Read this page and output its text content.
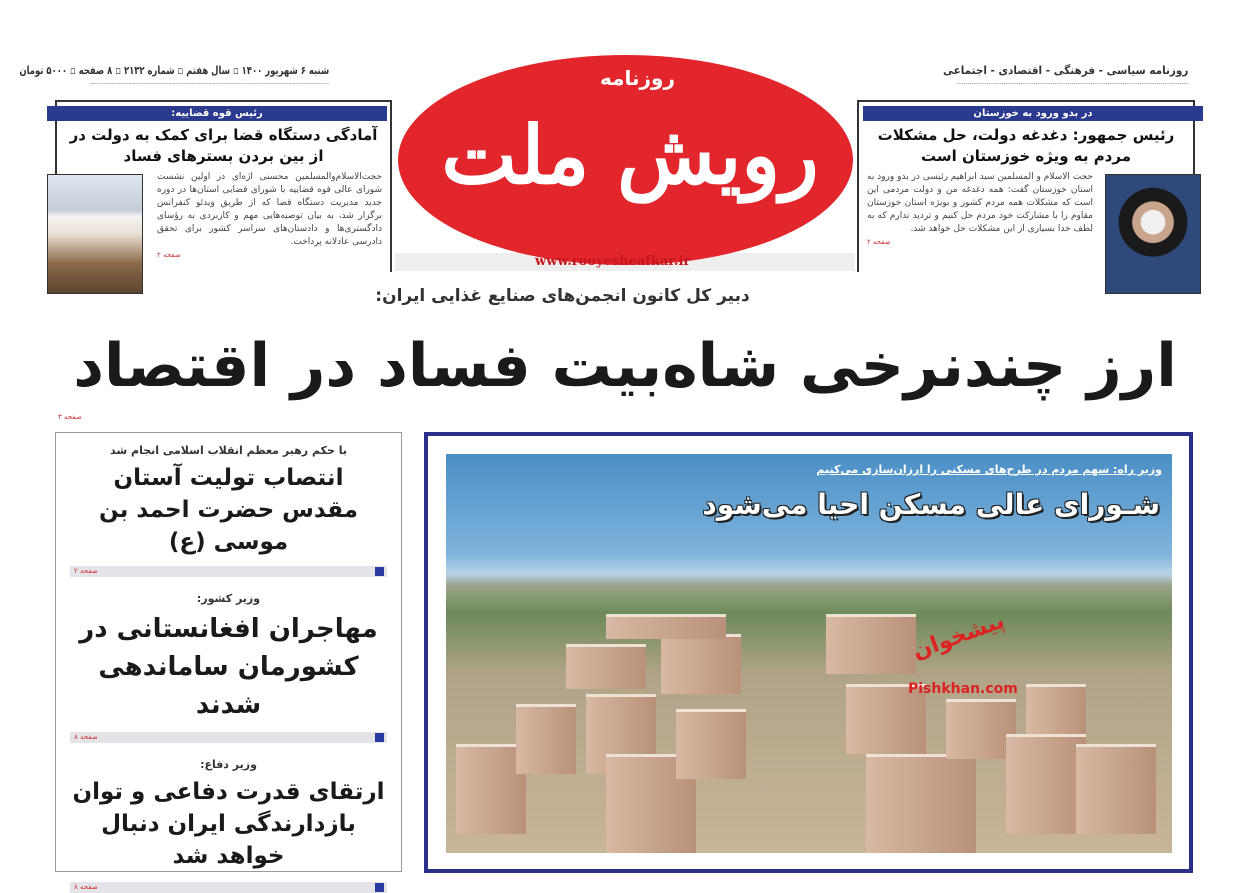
شنبه ۶ شهریور ۱۴۰۰ ▫ سال هفتم ▫ شماره ۲۱۳۲ ▫ ۸ صفحه ▫ ۵۰۰۰ تومان	روزنامه سیاسی - فرهنگی - اقتصادی - اجتماعی
رئیس قوه قضاییه:
آمادگی دستگاه قضا برای کمک به دولت در از بین بردن بسترهای فساد
حجت‌الاسلام‌والمسلمین محسنی اژه‌ای در اولین نشست شورای عالی قوه قضاییه با شورای قضایی استان‌ها در دوره جدید مدیریت دستگاه قضا که از طریق ویدئو کنفرانس برگزار شد، به بیان توصیه‌هایی مهم و کاربردی به رؤسای دادگستری‌ها و دادستان‌های سراسر کشور برای تحقق دادرسی عادلانه پرداخت.
صفحه ۲
رویش ملت
روزنامه
www.rooyesheafkar.ir
در بدو ورود به خوزستان
رئیس جمهور: دغدغه دولت، حل مشکلات مردم به ویژه خوزستان است
حجت الاسلام و المسلمین سید ابراهیم رئیسی در بدو ورود به استان خوزستان گفت: همه دغدغه من و دولت مردمی این است که مشکلات همه مردم کشور و بویژه استان خوزستان مقاوم را با مشارکت خود مردم حل کنیم و تردید ندارم که به لطف خدا بسیاری از این مشکلات حل خواهد شد.
صفحه ۲
دبیر کل کانون انجمن‌های صنایع غذایی ایران:
ارز چندنرخی شاه‌بیت فساد در اقتصاد
صفحه ۳
با حکم رهبر معظم انقلاب اسلامی انجام شد
انتصاب تولیت آستان مقدس حضرت احمد بن موسی (ع)
صفحه ۲
وزیر کشور:
مهاجران افغانستانی در کشورمان ساماندهی شدند
صفحه ۸
وزیر دفاع:
ارتقای قدرت دفاعی و توان بازدارندگی ایران دنبال خواهد شد
صفحه ۸
وزیر راه: سهم مردم در طرح‌های مسکنی را ارزان‌سازی می‌کنیم
شـورای عالی مسکن احیا می‌شود
پیشخوان
Pishkhan.com
